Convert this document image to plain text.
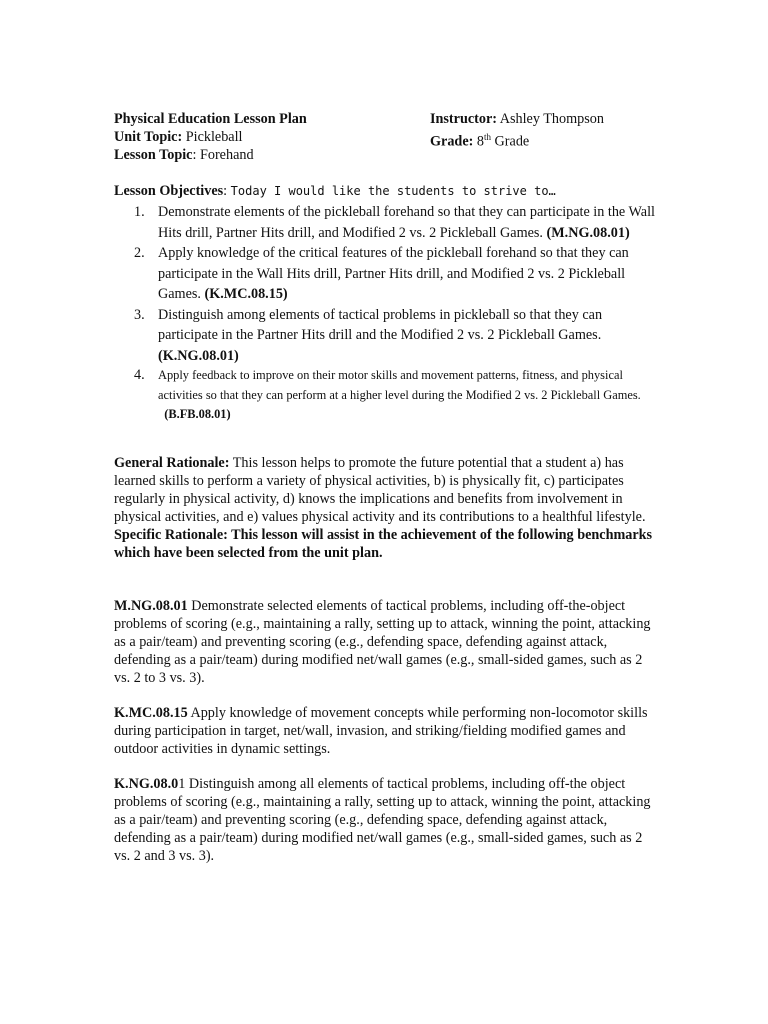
Physical Education Lesson Plan	Instructor: Ashley Thompson
Unit Topic: Pickleball	Grade: 8th Grade
Lesson Topic: Forehand
Lesson Objectives: Today I would like the students to strive to…
1. Demonstrate elements of the pickleball forehand so that they can participate in the Wall Hits drill, Partner Hits drill, and Modified 2 vs. 2 Pickleball Games. (M.NG.08.01)
2. Apply knowledge of the critical features of the pickleball forehand so that they can participate in the Wall Hits drill, Partner Hits drill, and Modified 2 vs. 2 Pickleball Games. (K.MC.08.15)
3. Distinguish among elements of tactical problems in pickleball so that they can participate in the Partner Hits drill and the Modified 2 vs. 2 Pickleball Games. (K.NG.08.01)
4. Apply feedback to improve on their motor skills and movement patterns, fitness, and physical activities so that they can perform at a higher level during the Modified 2 vs. 2 Pickleball Games.   (B.FB.08.01)

General Rationale: This lesson helps to promote the future potential that a student a) has learned skills to perform a variety of physical activities, b) is physically fit, c) participates regularly in physical activity, d) knows the implications and benefits from involvement in physical activities, and e) values physical activity and its contributions to a healthful lifestyle.

Specific Rationale: This lesson will assist in the achievement of the following benchmarks which have been selected from the unit plan.

M.NG.08.01 Demonstrate selected elements of tactical problems, including off-the-object problems of scoring (e.g., maintaining a rally, setting up to attack, winning the point, attacking as a pair/team) and preventing scoring (e.g., defending space, defending against attack, defending as a pair/team) during modified net/wall games (e.g., small-sided games, such as 2 vs. 2 to 3 vs. 3).

K.MC.08.15 Apply knowledge of movement concepts while performing non-locomotor skills during participation in target, net/wall, invasion, and striking/fielding modified games and outdoor activities in dynamic settings.

K.NG.08.01 Distinguish among all elements of tactical problems, including off-the object problems of scoring (e.g., maintaining a rally, setting up to attack, winning the point, attacking as a pair/team) and preventing scoring (e.g., defending space, defending against attack, defending as a pair/team) during modified net/wall games (e.g., small-sided games, such as 2 vs. 2 and 3 vs. 3).
